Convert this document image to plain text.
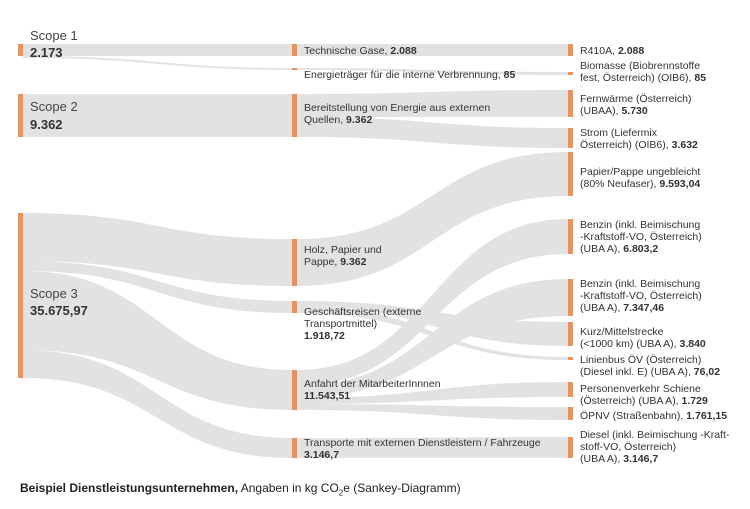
Scope 1
2.173
Scope 2
9.362
Scope 3
35.675,97
Technische Gase, 2.088
Energieträger für die interne Verbrennung, 85
Bereitstellung von Energie aus externen
Quellen, 9.362
Holz, Papier und
Pappe, 9.362
Geschäftsreisen (externe
Transportmittel)
1.918,72
Anfahrt der MitarbeiterInnnen
11.543,51
Transporte mit externen Dienstleistern / Fahrzeuge
3.146,7
R410A, 2.088
Biomasse (Biobrennstoffe
fest, Österreich) (OIB6), 85
Fernwärme (Österreich)
(UBAA), 5.730
Strom (Liefermix
Österreich) (OIB6), 3.632
Papier/Pappe ungebleicht
(80% Neufaser), 9.593,04
Benzin (inkl. Beimischung
-Kraftstoff-VO, Österreich)
(UBA A), 6.803,2
Benzin (inkl. Beimischung
-Kraftstoff-VO, Österreich)
(UBA A), 7.347,46
Kurz/Mittelstrecke
(<1000 km) (UBA A), 3.840
Linienbus ÖV (Österreich)
(Diesel inkl. E) (UBA A), 76,02
Personenverkehr Schiene
(Österreich) (UBA A), 1.729
ÖPNV (Straßenbahn), 1.761,15
Diesel (inkl. Beimischung -Kraft-
stoff-VO, Österreich)
(UBA A), 3.146,7
Beispiel Dienstleistungsunternehmen, Angaben in kg $CO_2e$ (Sankey-Diagramm)
